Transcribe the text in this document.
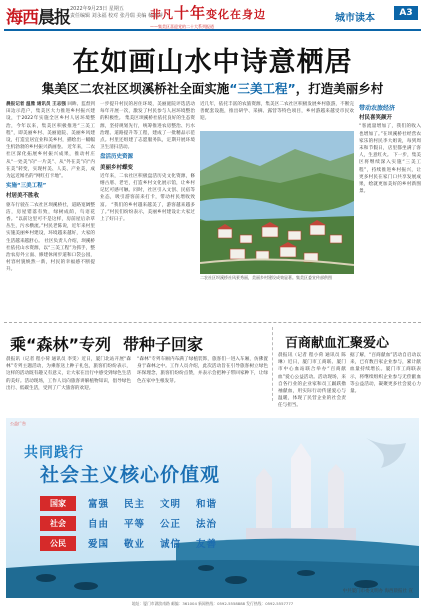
海西晨报 2022年9月23日 星期五
责任编辑 刘永福 校对 张丹瑞 美编 杨雨萍
非凡十年变化在身边
——集美区喜迎党的二十大系列报道
城市读本	A3
在如画山水中诗意栖居
集美区二农社区坝溪桥社全面实施“三美工程”，打造美丽乡村
晨报记者 温雅 通讯员 王志强 回眸、监督到田边示范户，集美区大力推进乡村振兴建设，于2022年实施全区乡村人居环境整治，今年以来，集美区积极推进“三美工程”，即美丽乡村、美丽庭院、美丽乡风建设，打造宜居宜业和美乡村，描绘出一幅幅生机勃勃的乡村振兴新画卷。 近年来，二农社区深化拓展乡村振兴成果，推动村庄从“一处美”向“一片美”、从“外在美”向“内在美”转变，实现村美、人美、产业美，成为远近闻名的“网红打卡地”。
实施“三美工程”
村居美不胜收
驱车行驶在二农社区坝溪桥社，道路宽阔整洁，房屋错落有致，绿树成荫，鸟语花香。“以前这里可不是这样，房前屋后杂草丛生，污水横流。”村民老陈说，近年来村里实施美丽乡村建设，环境越来越好，大家的生活越来越舒心。 社区负责人介绍，坝溪桥社依托山水资源，以“三美工程”为抓手，整治农房外立面、修建休闲步道和口袋公园，村容村貌焕然一新，村民的幸福感不断提升。
一步提升村民的居住环境，美丽庭院评选活动每年开展一次，激发了村民参与人居环境整治的积极性。 集美区坝溪桥社依托良好的生态资源，坚持规划先行，统筹推进农房整治、污水治理、道路提升等工程，建成了一批精品示范点。村里还组建了志愿服务队，定期开展环境卫生清扫活动。
盘活历史资源
美丽乡村蝶变
近年来，二农社区积极盘活历史文化资源，修缮古厝、老宅，打造乡村文化展示馆，让乡村记忆可感可触。同时，社区引入文创、民宿等业态，吸引游客前来打卡，带动村民增收致富。 “我们的乡村越来越美了，游客越来越多了。”村民们纷纷表示，美丽乡村建设让大家过上了好日子。
近几年，依托丰富的农旅资源，集美区二农社区积极发展乡村旅游，不断完善配套设施，推出研学、采摘、露营等特色项目，乡村游越来越受市民欢迎。
带动农旅经济
村民喜笑颜开
“客流量增加了，我们的收入也增加了。”在坝溪桥社经营农家乐的村民李大姐说，每到周末和节假日，店里都坐满了客人，生意红火。 下一步，集美区将继续深入实施“三美工程”，持续推进乡村振兴，让更多村民在家门口共享发展成果，绘就更加美好的乡村新图景。
二农社区坝溪桥社风景秀丽，美丽乡村建设成效显著。集美区委宣传部供图
乘“森林”专列 带种子回家
晨报讯（记者 程小荷 通讯员 李雯）近日，厦门北站开展“森林”专列主题活动，为乘客送上种子礼包，旅客们纷纷表示，这样的活动既有趣又有意义，让大家在出行中感受到绿色生活的美好。活动现场，工作人员向旅客讲解植物知识，倡导绿色出行、低碳生活，受到了广大旅客的欢迎。
“森林”专列车厢内布满了绿植装饰，旅客们一进入车厢，仿佛置身于森林之中。工作人员介绍，此次活动旨在引导旅客树立绿色环保理念，旅客们纷纷点赞，并表示会把种子带回家种下，让绿色在家中生根发芽。
百商献血汇聚爱心
晨报讯（记者 程小荷 通讯员 陈琳）近日，厦门市工商联、厦门市中心血站联合举办“百商献血”爱心公益活动。活动现场，来自各行业的企业家和员工踊跃撸袖献血，用实际行动传递爱心与温暖，体现了民营企业的社会责任与担当。
据了解，“百商献血”活动自启动以来，已有数百家企业参与，累计献血量持续增长。厦门市工商联表示，将继续组织企业参与无偿献血等公益活动，凝聚更多社会爱心力量。
公益广告
共同践行
社会主义核心价值观
国家	富强	民主	文明	和谐
社会	自由	平等	公正	法治
公民	爱国	敬业	诚信	友善
中共厦门市委文明办 海西晨报社 宣
地址：厦门市湖滨南路 邮编：361004 新闻热线：0592-5558888 发行热线：0592-5557777
